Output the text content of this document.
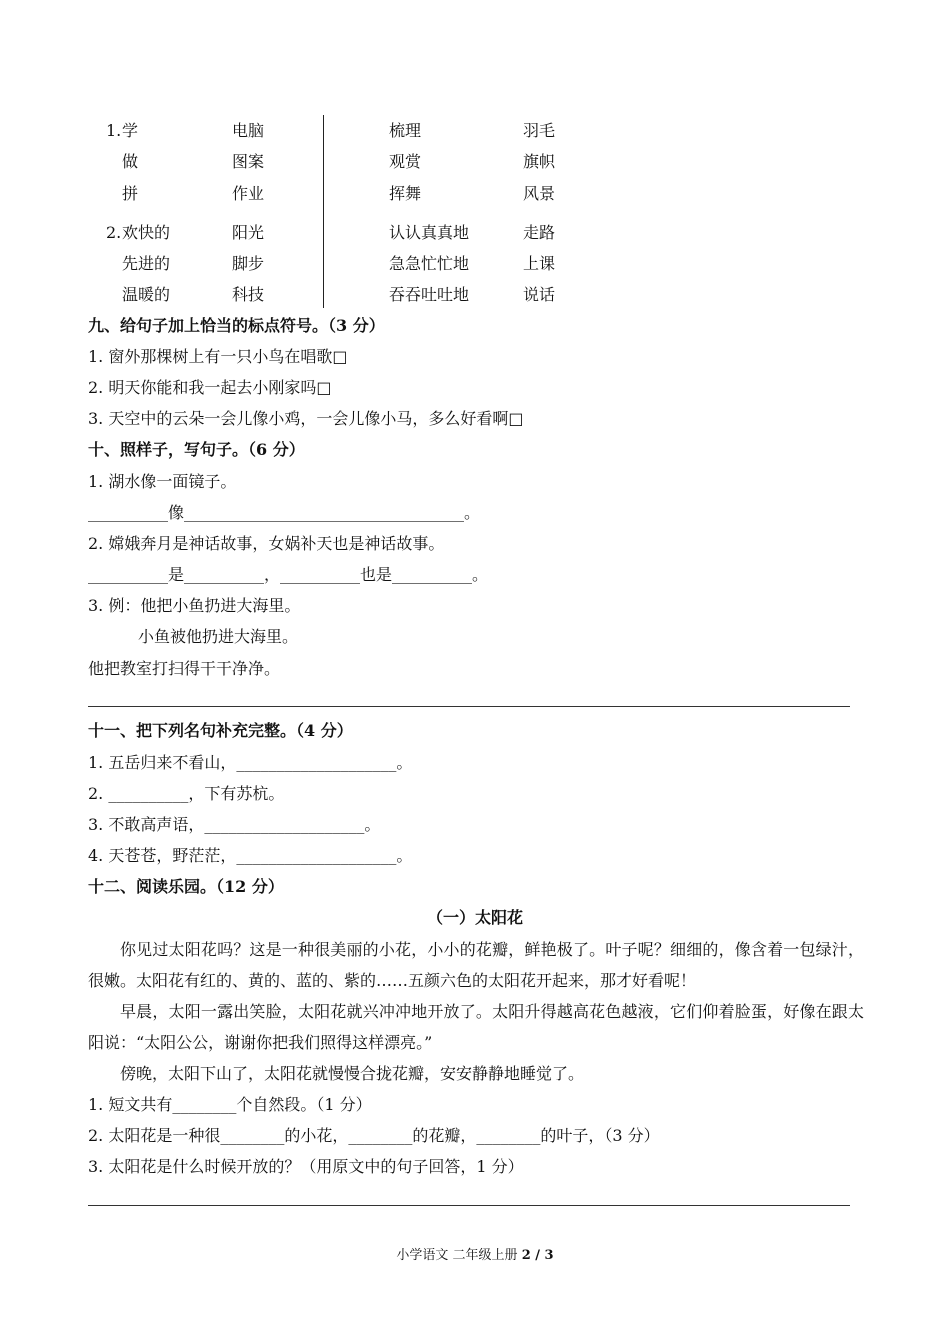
1. 学
做
拼
电脑
图案
作业
梳理
观赏
挥舞
羽毛
旗帜
风景
2. 欢快的
先进的
温暖的
阳光
脚步
科技
认认真真地
急急忙忙地
吞吞吐吐地
走路
上课
说话
九、给句子加上恰当的标点符号。（3 分）
1. 窗外那棵树上有一只小鸟在唱歌□
2. 明天你能和我一起去小刚家吗□
3. 天空中的云朵一会儿像小鸡，一会儿像小马，多么好看啊□
十、照样子，写句子。（6 分）
1. 湖水像一面镜子。
__________像___________________________________。
2. 嫦娥奔月是神话故事，女娲补天也是神话故事。
__________是__________，__________也是__________。
3. 例：他把小鱼扔进大海里。
小鱼被他扔进大海里。
他把教室打扫得干干净净。
十一、把下列名句补充完整。（4 分）
1. 五岳归来不看山，____________________。
2. __________，下有苏杭。
3. 不敢高声语，____________________。
4. 天苍苍，野茫茫，____________________。
十二、阅读乐园。（12 分）
（一）太阳花
你见过太阳花吗？这是一种很美丽的小花，小小的花瓣，鲜艳极了。叶子呢？细细的，像含着一包绿汁，很嫩。太阳花有红的、黄的、蓝的、紫的……五颜六色的太阳花开起来，那才好看呢！
早晨，太阳一露出笑脸，太阳花就兴冲冲地开放了。太阳升得越高花色越液，它们仰着脸蛋，好像在跟太阳说：“太阳公公，谢谢你把我们照得这样漂亮。”
傍晚，太阳下山了，太阳花就慢慢合拢花瓣，安安静静地睡觉了。
1. 短文共有________个自然段。（1 分）
2. 太阳花是一种很________的小花，________的花瓣，________的叶子，（3 分）
3. 太阳花是什么时候开放的？（用原文中的句子回答，1 分）
小学语文 二年级上册 2 / 3
